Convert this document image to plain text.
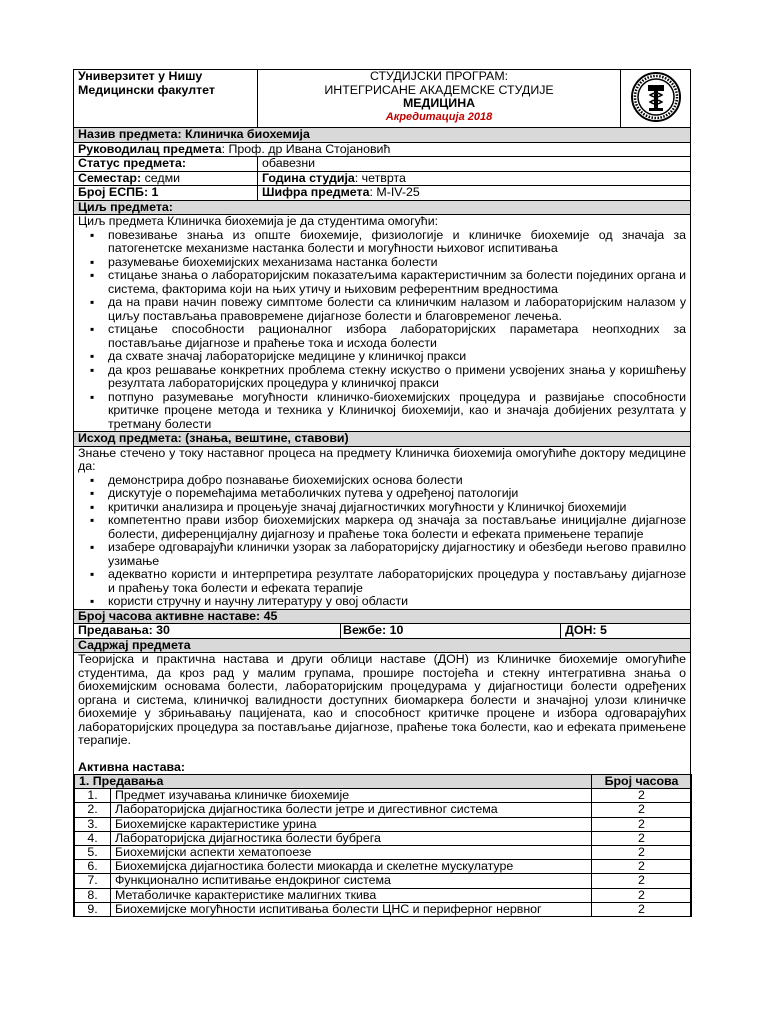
Универзитет у Нишу
Медицински факултет

СТУДИЈСКИ ПРОГРАМ:
ИНТЕГРИСАНЕ АКАДЕМСКЕ СТУДИЈЕ
МЕДИЦИНА
Акредитација 2018

Назив предмета: Клиничка биохемија
Руководилац предмета: Проф. др Ивана Стојановић
Статус предмета:	обавезни
Семестар: седми	Година студија: четврта
Број ЕСПБ: 1	Шифра предмета: М-IV-25
Циљ предмета:

Циљ предмета Клиничка биохемија је да студентима омогући:
▪ повезивање знања из опште биохемије, физиологије и клиничке биохемије од значаја за патогенетске механизме настанка болести и могућности њиховог испитивања
▪ разумевање биохемијских механизама настанка болести
▪ стицање знања о лабораторијским показатељима карактеристичним за болести појединих органа и система, факторима који на њих утичу и њиховим референтним вредностима
▪ да на прави начин повежу симптоме болести са клиничким налазом и лабораторијским налазом у циљу постављања правовремене дијагнозе болести и благовременог лечења.
▪ стицање способности рационалног избора лабораторијских параметара неопходних за постављање дијагнозе и праћење тока и исхода болести
▪ да схвате значај лабораторијске медицине у клиничкој пракси
▪ да кроз решавање конкретних проблема стекну искуство о примени усвојених знања у коришћењу резултата лабораторијских процедура у клиничкој пракси
▪ потпуно разумевање могућности клиничко-биохемијских процедура и развијање способности критичке процене метода и техника у Клиничкој биохемији, као и значаја добијених резултата у третману болести

Исход предмета: (знања, вештине, ставови)

Знање стечено у току наставног процеса на предмету Клиничка биохемија омогућиће доктору медицине да:
▪ демонстрира добро познавање биохемијских основа болести
▪ дискутује о поремећајима метаболичких путева у одређеној патологији
▪ критички анализира и процењује значај дијагностичких могућности у Клиничкој биохемији
▪ компетентно прави избор биохемијских маркера од значаја за постављање иницијалне дијагнозе болести, диференцијалну дијагнозу и праћење тока болести и ефеката примењене терапије
▪ изабере одговарајући клинички узорак за лабораторијску дијагностику и обезбеди његово правилно узимање
▪ адекватно користи и интерпретира резултате лабораторијских процедура у постављању дијагнозе и праћењу тока болести и ефеката терапије
▪ користи стручну и научну литературу у овој области

Број часова активне наставе: 45
Предавања: 30	Вежбе: 10	ДОН: 5
Садржај предмета

Теоријска и практична настава и други облици наставе (ДОН) из Клиничке биохемије омогућиће студентима, да кроз рад у малим групама, прошире постојећа и стекну интегративна знања о биохемијским основама болести, лабораторијским процедурама у дијагностици болести одређених органа и система, клиничкој валидности доступних биомаркера болести и значајној улози клиничке биохемије у збрињавању пацијената, као и способност критичке процене и избора одговарајућих лабораторијских процедура за постављање дијагнозе, праћење тока болести, као и ефеката примењене терапије.
Активна настава:
1. Предавања	Број часова
1.	Предмет изучавања клиничке биохемије	2
2.	Лабораторијска дијагностика болести јетре и дигестивног система	2
3.	Биохемијске карактеристике урина	2
4.	Лабораторијска дијагностика болести бубрега	2
5.	Биохемијски аспекти хематопоезе	2
6.	Биохемијска дијагностика болести миокарда и скелетне мускулатуре	2
7.	Функционално испитивање ендокриног система	2
8.	Метаболичке карактеристике малигних ткива	2
9.	Биохемијске могућности испитивања болести ЦНС и периферног нервног	2
